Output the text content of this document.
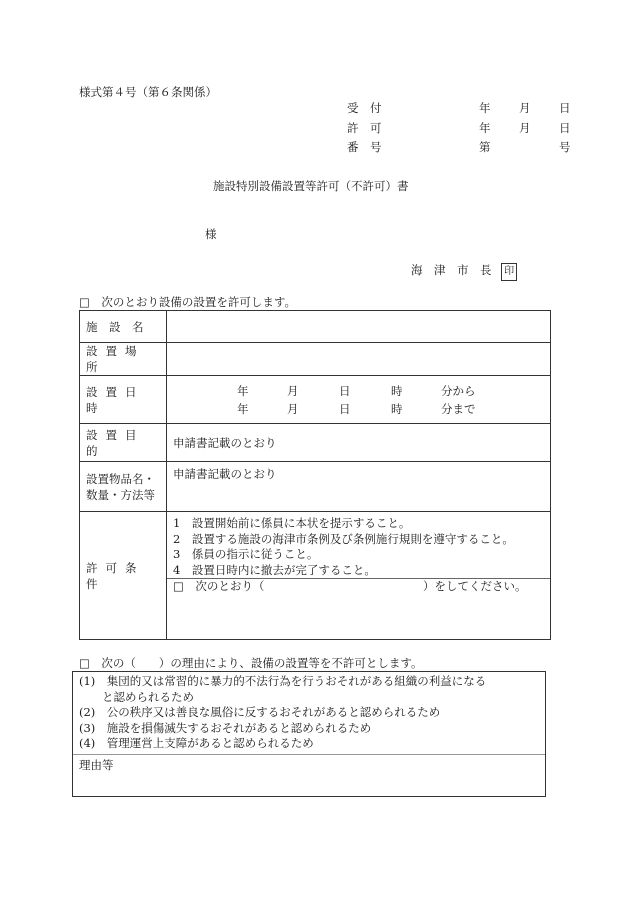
様式第４号（第６条関係）
受　付	年 月 日
許　可	年 月 日
番　号	第	号
施設特別設備設置等許可（不許可）書
様
海　津　市　長 印
□　次のとおり設備の設置を許可します。
施　設　名	
設置場所	
設置日時	年 月 日 時 分から
年 月 日 時 分まで

設置目的	申請書記載のとおり

設置物品名・
数量・方法等	申請書記載のとおり
許可条件	1　設置開始前に係員に本状を提示すること。
2　設置する施設の海津市条例及び条例施行規則を遵守すること。
3　係員の指示に従うこと。
4　設置日時内に撤去が完了すること。
□　次のとおり（ ）をしてください。
□　次の（　　）の理由により、設備の設置等を不許可とします。
(1)　集団的又は常習的に暴力的不法行為を行うおそれがある組織の利益になる
　　と認められるため
(2)　公の秩序又は善良な風俗に反するおそれがあると認められるため
(3)　施設を損傷滅失するおそれがあると認められるため
(4)　管理運営上支障があると認められるため
理由等
